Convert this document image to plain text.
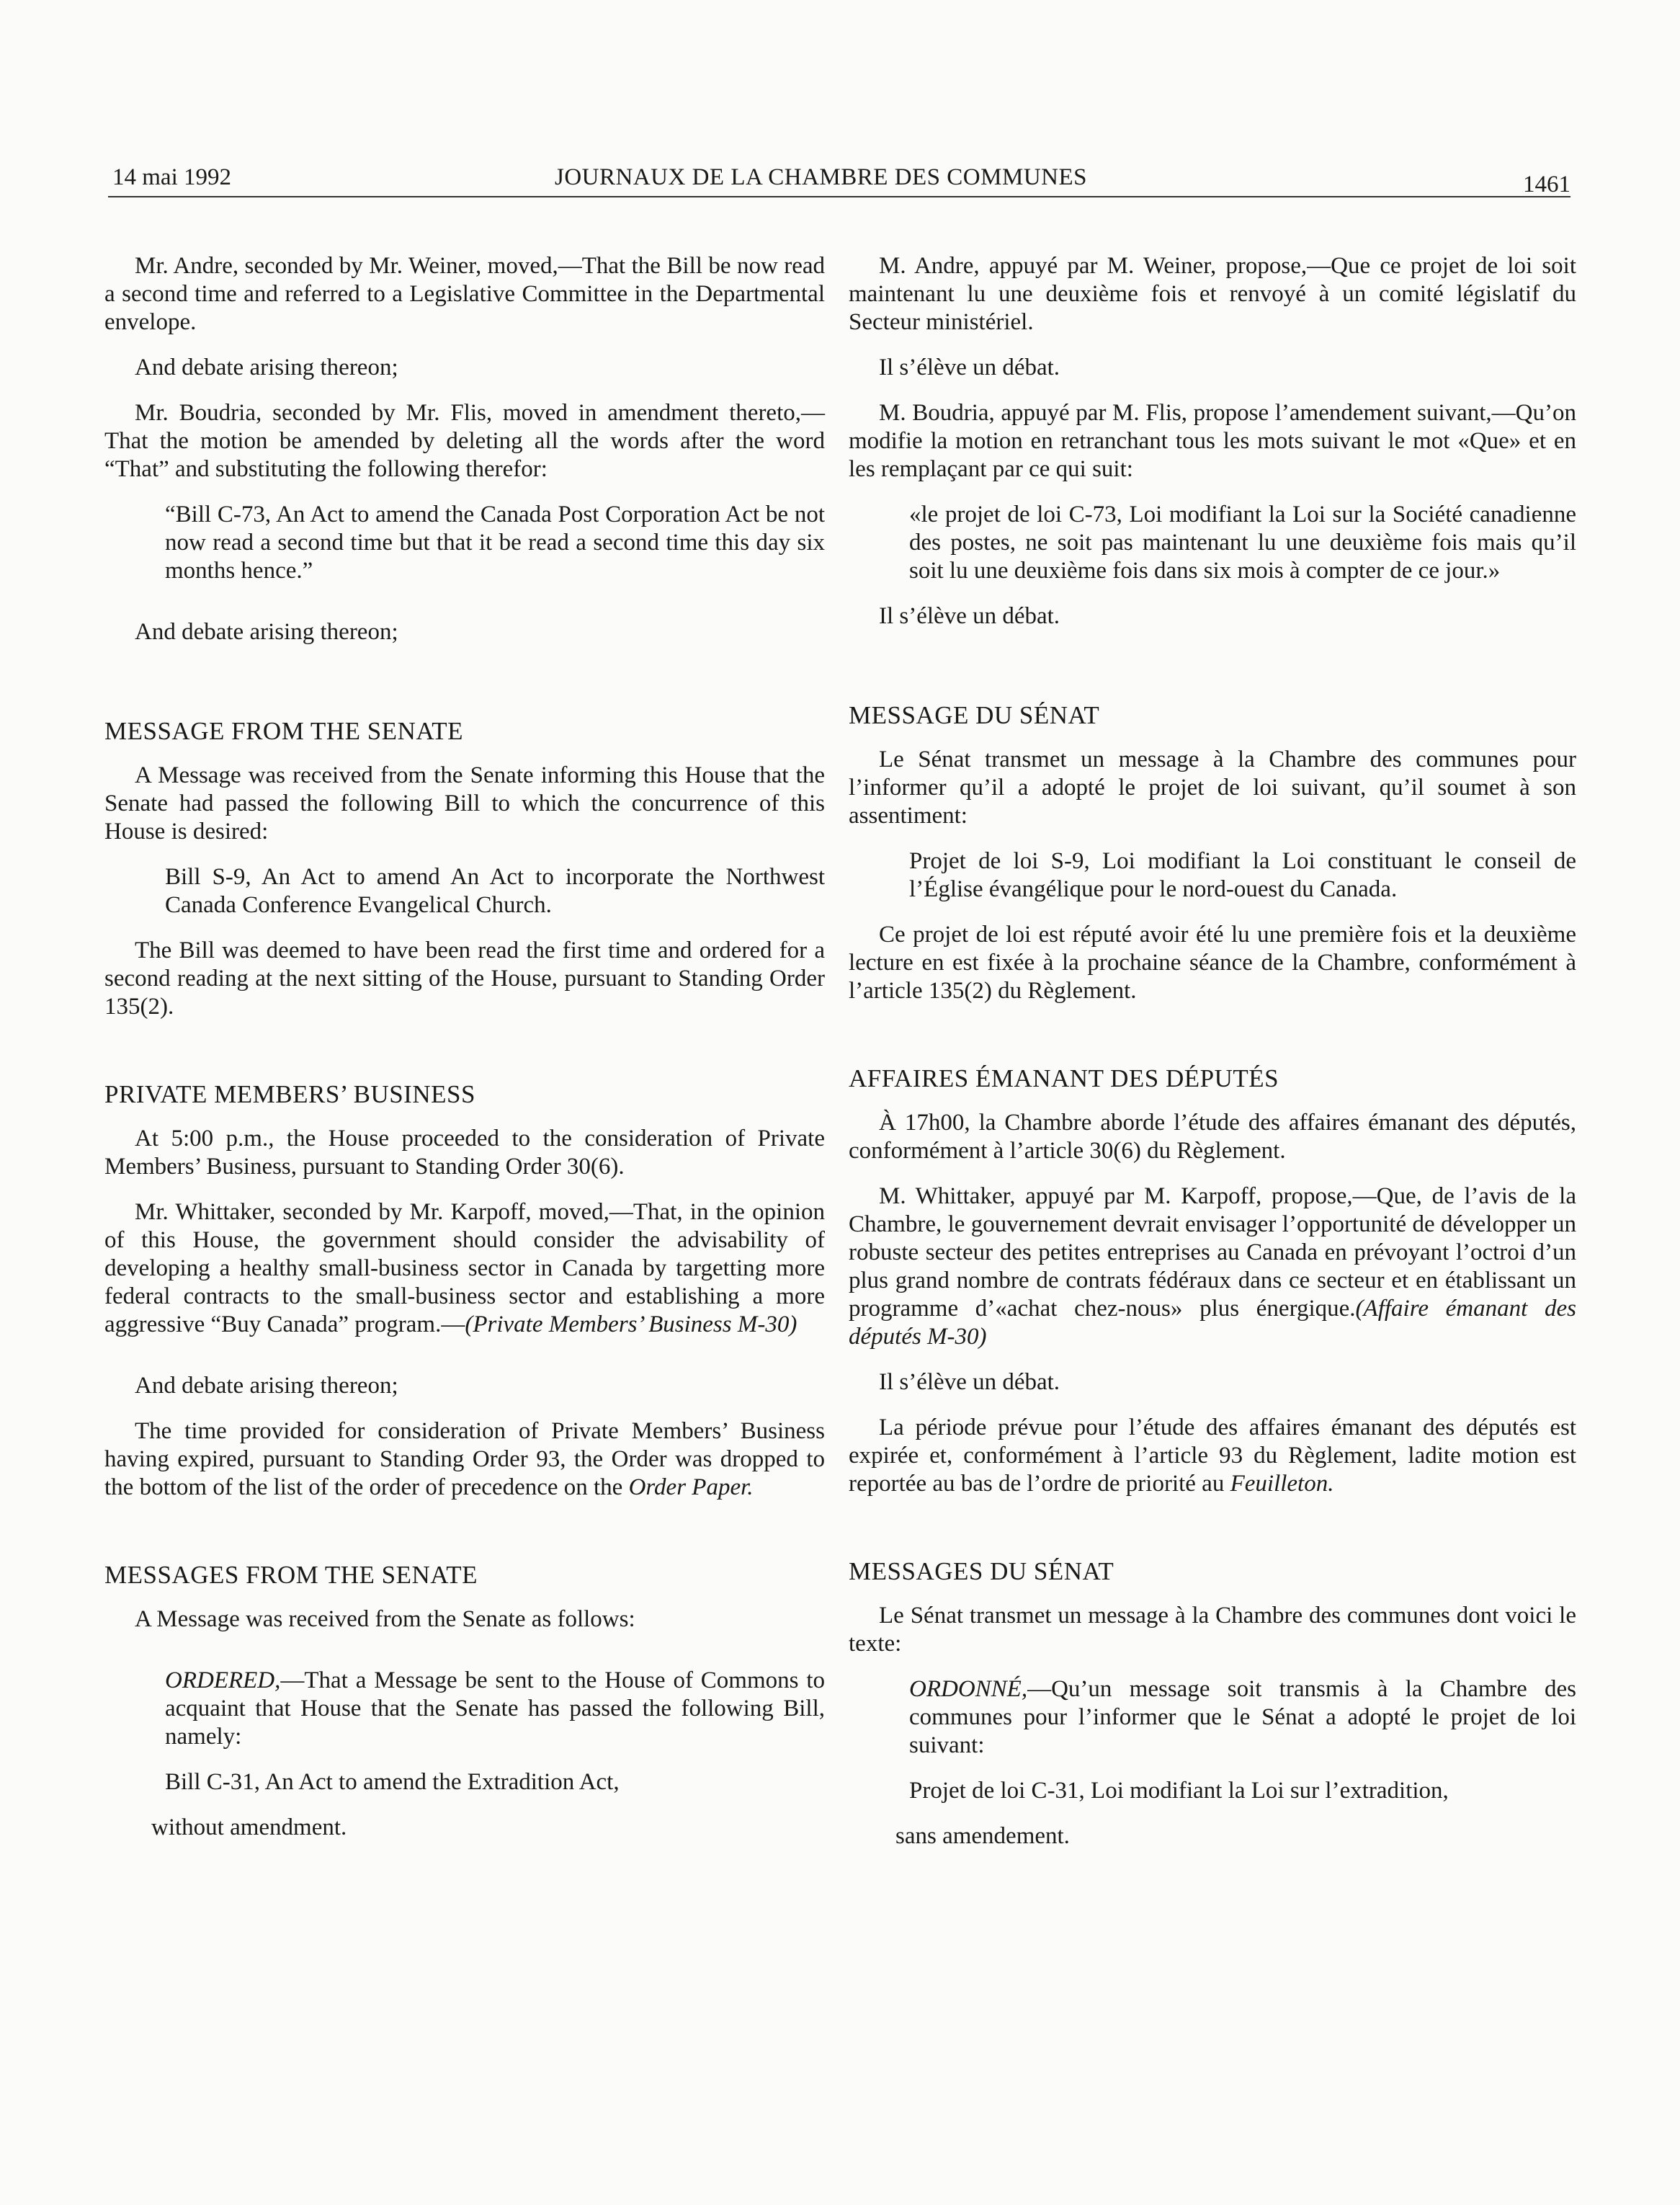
14 mai 1992	JOURNAUX DE LA CHAMBRE DES COMMUNES	1461

Mr. Andre, seconded by Mr. Weiner, moved,—That the Bill be now read a second time and referred to a Legislative Committee in the Departmental envelope.

And debate arising thereon;

Mr. Boudria, seconded by Mr. Flis, moved in amendment thereto,—That the motion be amended by deleting all the words after the word “That” and substituting the following therefor:

“Bill C-73, An Act to amend the Canada Post Corporation Act be not now read a second time but that it be read a second time this day six months hence.”

And debate arising thereon;

MESSAGE FROM THE SENATE

A Message was received from the Senate informing this House that the Senate had passed the following Bill to which the concurrence of this House is desired:

Bill S-9, An Act to amend An Act to incorporate the Northwest Canada Conference Evangelical Church.

The Bill was deemed to have been read the first time and ordered for a second reading at the next sitting of the House, pursuant to Standing Order 135(2).

PRIVATE MEMBERS’ BUSINESS

At 5:00 p.m., the House proceeded to the consideration of Private Members’ Business, pursuant to Standing Order 30(6).

Mr. Whittaker, seconded by Mr. Karpoff, moved,—That, in the opinion of this House, the government should consider the advisability of developing a healthy small-business sector in Canada by targetting more federal contracts to the small-business sector and establishing a more aggressive “Buy Canada” program.—(Private Members’ Business M-30)

And debate arising thereon;

The time provided for consideration of Private Members’ Business having expired, pursuant to Standing Order 93, the Order was dropped to the bottom of the list of the order of precedence on the Order Paper.

MESSAGES FROM THE SENATE

A Message was received from the Senate as follows:

ORDERED,—That a Message be sent to the House of Commons to acquaint that House that the Senate has passed the following Bill, namely:

Bill C-31, An Act to amend the Extradition Act,

without amendment.

M. Andre, appuyé par M. Weiner, propose,—Que ce projet de loi soit maintenant lu une deuxième fois et renvoyé à un comité législatif du Secteur ministériel.

Il s’élève un débat.

M. Boudria, appuyé par M. Flis, propose l’amendement suivant,—Qu’on modifie la motion en retranchant tous les mots suivant le mot «Que» et en les remplaçant par ce qui suit:

«le projet de loi C-73, Loi modifiant la Loi sur la Société canadienne des postes, ne soit pas maintenant lu une deuxième fois mais qu’il soit lu une deuxième fois dans six mois à compter de ce jour.»

Il s’élève un débat.

MESSAGE DU SÉNAT

Le Sénat transmet un message à la Chambre des communes pour l’informer qu’il a adopté le projet de loi suivant, qu’il soumet à son assentiment:

Projet de loi S-9, Loi modifiant la Loi constituant le conseil de l’Église évangélique pour le nord-ouest du Canada.

Ce projet de loi est réputé avoir été lu une première fois et la deuxième lecture en est fixée à la prochaine séance de la Chambre, conformément à l’article 135(2) du Règlement.

AFFAIRES ÉMANANT DES DÉPUTÉS

À 17h00, la Chambre aborde l’étude des affaires émanant des députés, conformément à l’article 30(6) du Règlement.

M. Whittaker, appuyé par M. Karpoff, propose,—Que, de l’avis de la Chambre, le gouvernement devrait envisager l’opportunité de développer un robuste secteur des petites entreprises au Canada en prévoyant l’octroi d’un plus grand nombre de contrats fédéraux dans ce secteur et en établissant un programme d’«achat chez-nous» plus énergique.(Affaire émanant des députés M-30)

Il s’élève un débat.

La période prévue pour l’étude des affaires émanant des députés est expirée et, conformément à l’article 93 du Règlement, ladite motion est reportée au bas de l’ordre de priorité au Feuilleton.

MESSAGES DU SÉNAT

Le Sénat transmet un message à la Chambre des communes dont voici le texte:

ORDONNÉ,—Qu’un message soit transmis à la Chambre des communes pour l’informer que le Sénat a adopté le projet de loi suivant:

Projet de loi C-31, Loi modifiant la Loi sur l’extradition,

sans amendement.
